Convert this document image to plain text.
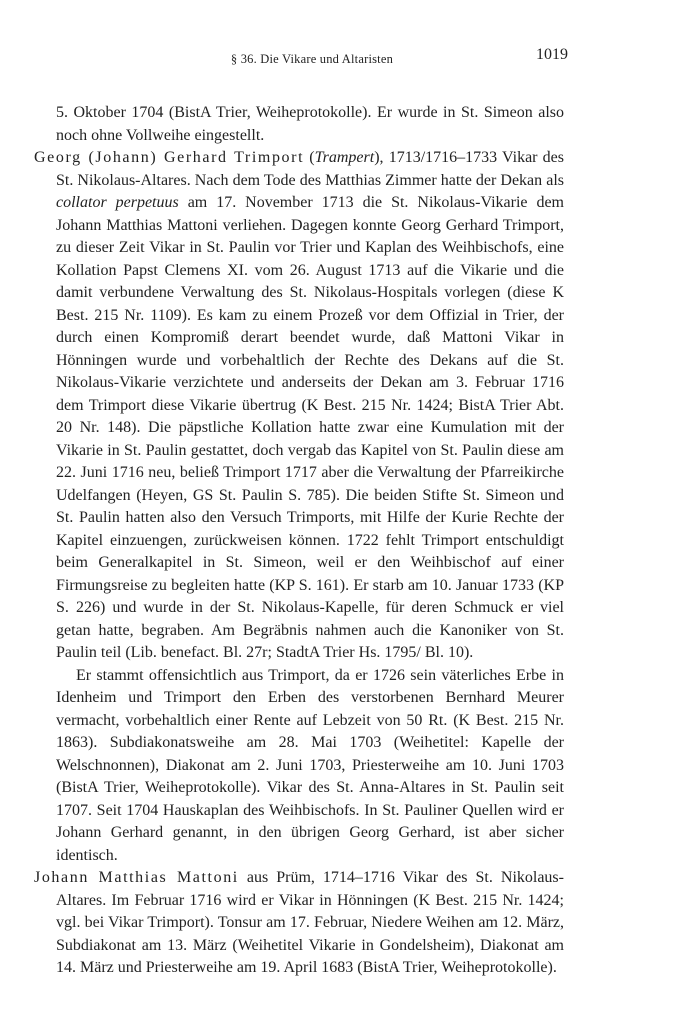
§ 36. Die Vikare und Altaristen	1019

5. Oktober 1704 (BistA Trier, Weiheprotokolle). Er wurde in St. Simeon also noch ohne Vollweihe eingestellt.

Georg (Johann) Gerhard Trimport (Trampert), 1713/1716–1733 Vikar des St. Nikolaus-Altares. Nach dem Tode des Matthias Zimmer hatte der Dekan als collator perpetuus am 17. November 1713 die St. Nikolaus-Vikarie dem Johann Matthias Mattoni verliehen. Dagegen konnte Georg Gerhard Trimport, zu dieser Zeit Vikar in St. Paulin vor Trier und Kaplan des Weihbischofs, eine Kollation Papst Clemens XI. vom 26. August 1713 auf die Vikarie und die damit verbundene Verwaltung des St. Nikolaus-Hospitals vorlegen (diese K Best. 215 Nr. 1109). Es kam zu einem Prozeß vor dem Offizial in Trier, der durch einen Kompromiß derart beendet wurde, daß Mattoni Vikar in Hönningen wurde und vorbehaltlich der Rechte des Dekans auf die St. Nikolaus-Vikarie verzichtete und anderseits der Dekan am 3. Februar 1716 dem Trimport diese Vikarie übertrug (K Best. 215 Nr. 1424; BistA Trier Abt. 20 Nr. 148). Die päpstliche Kollation hatte zwar eine Kumulation mit der Vikarie in St. Paulin gestattet, doch vergab das Kapitel von St. Paulin diese am 22. Juni 1716 neu, beließ Trimport 1717 aber die Verwaltung der Pfarreikirche Udelfangen (Heyen, GS St. Paulin S. 785). Die beiden Stifte St. Simeon und St. Paulin hatten also den Versuch Trimports, mit Hilfe der Kurie Rechte der Kapitel einzuengen, zurückweisen können. 1722 fehlt Trimport entschuldigt beim Generalkapitel in St. Simeon, weil er den Weihbischof auf einer Firmungsreise zu begleiten hatte (KP S. 161). Er starb am 10. Januar 1733 (KP S. 226) und wurde in der St. Nikolaus-Kapelle, für deren Schmuck er viel getan hatte, begraben. Am Begräbnis nahmen auch die Kanoniker von St. Paulin teil (Lib. benefact. Bl. 27r; StadtA Trier Hs. 1795/ Bl. 10).

Er stammt offensichtlich aus Trimport, da er 1726 sein väterliches Erbe in Idenheim und Trimport den Erben des verstorbenen Bernhard Meurer vermacht, vorbehaltlich einer Rente auf Lebzeit von 50 Rt. (K Best. 215 Nr. 1863). Subdiakonatsweihe am 28. Mai 1703 (Weihetitel: Kapelle der Welschnonnen), Diakonat am 2. Juni 1703, Priesterweihe am 10. Juni 1703 (BistA Trier, Weiheprotokolle). Vikar des St. Anna-Altares in St. Paulin seit 1707. Seit 1704 Hauskaplan des Weihbischofs. In St. Pauliner Quellen wird er Johann Gerhard genannt, in den übrigen Georg Gerhard, ist aber sicher identisch.

Johann Matthias Mattoni aus Prüm, 1714–1716 Vikar des St. Nikolaus-Altares. Im Februar 1716 wird er Vikar in Hönningen (K Best. 215 Nr. 1424; vgl. bei Vikar Trimport). Tonsur am 17. Februar, Niedere Weihen am 12. März, Subdiakonat am 13. März (Weihetitel Vikarie in Gondelsheim), Diakonat am 14. März und Priesterweihe am 19. April 1683 (BistA Trier, Weiheprotokolle).
